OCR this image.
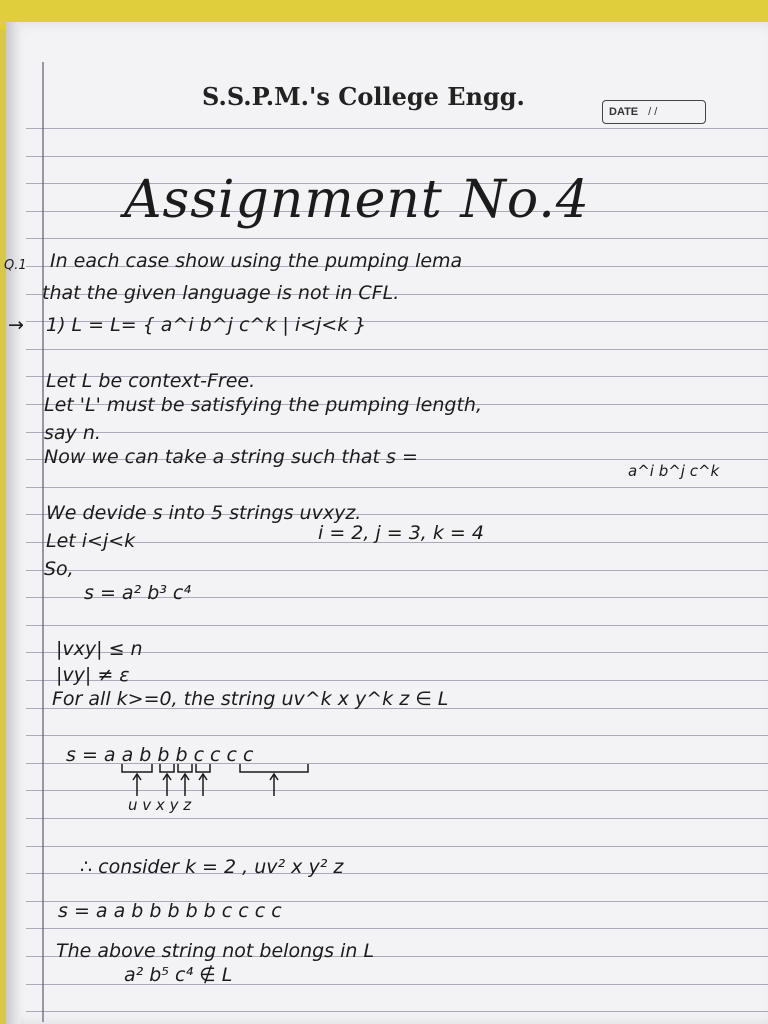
S.S.P.M.'s College Engg.
DATE / /
Assignment No.4
Q.1 In each case show using the pumping lema
that the given language is not in CFL.
→ 1) L = L= { a^i b^j c^k | i<j<k }
Let L be context-Free.
Let 'L' must be satisfying the pumping length,
say n.
Now we can take a string such that s =
a^i b^j c^k
We devide s into 5 strings uvxyz.
Let i<j<k	i = 2, j = 3, k = 4
So,
s = a² b³ c⁴
|vxy| ≤ n
|vy| ≠ ε
For all k>=0, the string uv^k x y^k z ∈ L
s = a a b b b c c c c
u v x y z
∴ consider k = 2 , uv² x y² z
s = a a b b b b b c c c c
The above string not belongs in L
a² b⁵ c⁴ ∉ L
